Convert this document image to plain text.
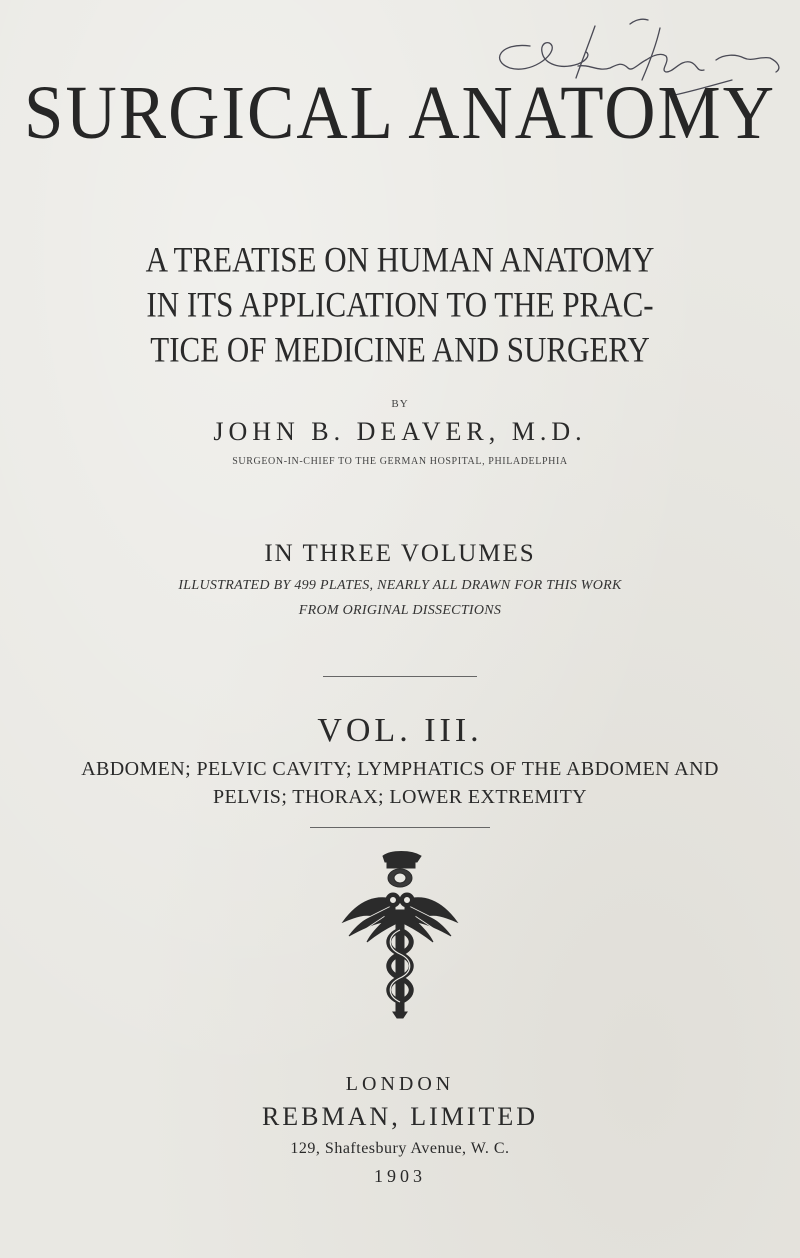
SURGICAL ANATOMY
A TREATISE ON HUMAN ANATOMY
IN ITS APPLICATION TO THE PRAC-
TICE OF MEDICINE AND SURGERY
BY
JOHN B. DEAVER, M.D.
SURGEON-IN-CHIEF TO THE GERMAN HOSPITAL, PHILADELPHIA
IN THREE VOLUMES
ILLUSTRATED BY 499 PLATES, NEARLY ALL DRAWN FOR THIS WORK
FROM ORIGINAL DISSECTIONS
VOL. III.
ABDOMEN; PELVIC CAVITY; LYMPHATICS OF THE ABDOMEN AND
PELVIS; THORAX; LOWER EXTREMITY
LONDON
REBMAN, LIMITED
129, Shaftesbury Avenue, W. C.
1903
